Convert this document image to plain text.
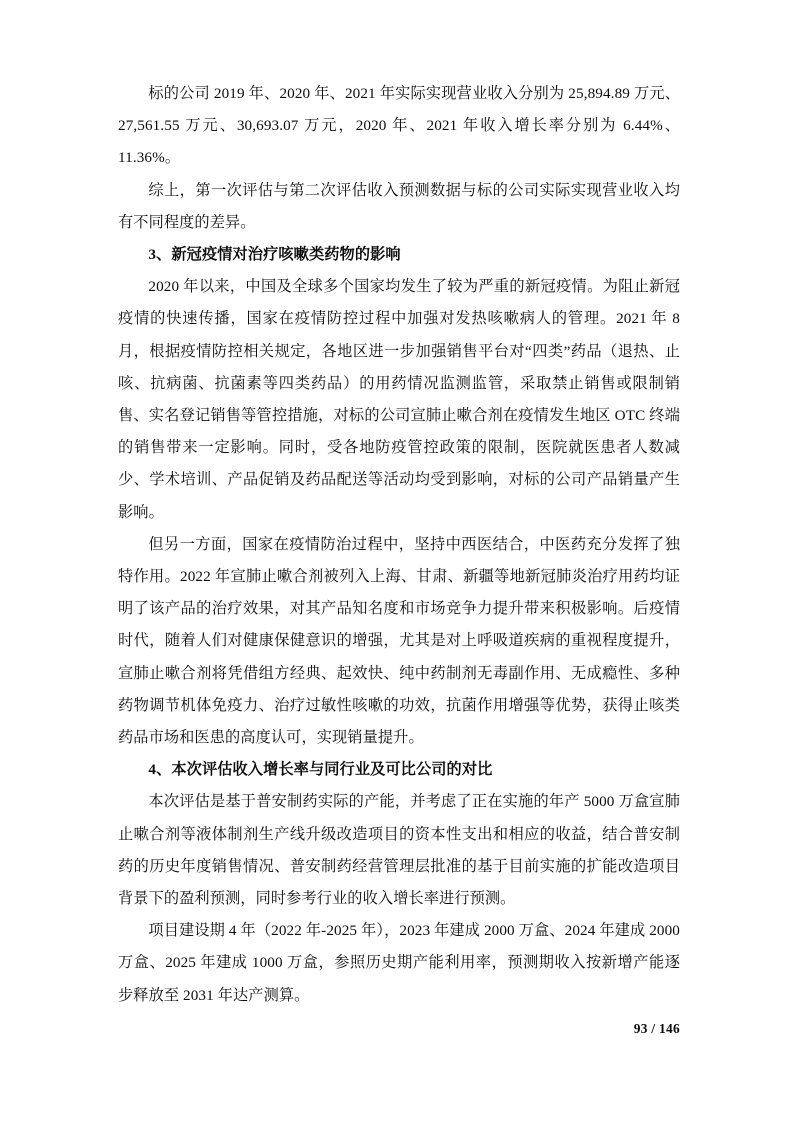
标的公司 2019 年、2020 年、2021 年实际实现营业收入分别为 25,894.89 万元、27,561.55 万元、30,693.07 万元，2020 年、2021 年收入增长率分别为 6.44%、11.36%。

综上，第一次评估与第二次评估收入预测数据与标的公司实际实现营业收入均有不同程度的差异。

3、新冠疫情对治疗咳嗽类药物的影响

2020 年以来，中国及全球多个国家均发生了较为严重的新冠疫情。为阻止新冠疫情的快速传播，国家在疫情防控过程中加强对发热咳嗽病人的管理。2021 年 8 月，根据疫情防控相关规定，各地区进一步加强销售平台对“四类”药品（退热、止咳、抗病菌、抗菌素等四类药品）的用药情况监测监管，采取禁止销售或限制销售、实名登记销售等管控措施，对标的公司宣肺止嗽合剂在疫情发生地区 OTC 终端的销售带来一定影响。同时，受各地防疫管控政策的限制，医院就医患者人数减少、学术培训、产品促销及药品配送等活动均受到影响，对标的公司产品销量产生影响。

但另一方面，国家在疫情防治过程中，坚持中西医结合，中医药充分发挥了独特作用。2022 年宣肺止嗽合剂被列入上海、甘肃、新疆等地新冠肺炎治疗用药均证明了该产品的治疗效果，对其产品知名度和市场竞争力提升带来积极影响。后疫情时代，随着人们对健康保健意识的增强，尤其是对上呼吸道疾病的重视程度提升，宣肺止嗽合剂将凭借组方经典、起效快、纯中药制剂无毒副作用、无成瘾性、多种药物调节机体免疫力、治疗过敏性咳嗽的功效，抗菌作用增强等优势，获得止咳类药品市场和医患的高度认可，实现销量提升。

4、本次评估收入增长率与同行业及可比公司的对比

本次评估是基于普安制药实际的产能，并考虑了正在实施的年产 5000 万盒宣肺止嗽合剂等液体制剂生产线升级改造项目的资本性支出和相应的收益，结合普安制药的历史年度销售情况、普安制药经营管理层批准的基于目前实施的扩能改造项目背景下的盈利预测，同时参考行业的收入增长率进行预测。

项目建设期 4 年（2022 年-2025 年），2023 年建成 2000 万盒、2024 年建成 2000 万盒、2025 年建成 1000 万盒，参照历史期产能利用率，预测期收入按新增产能逐步释放至 2031 年达产测算。

93 / 146
